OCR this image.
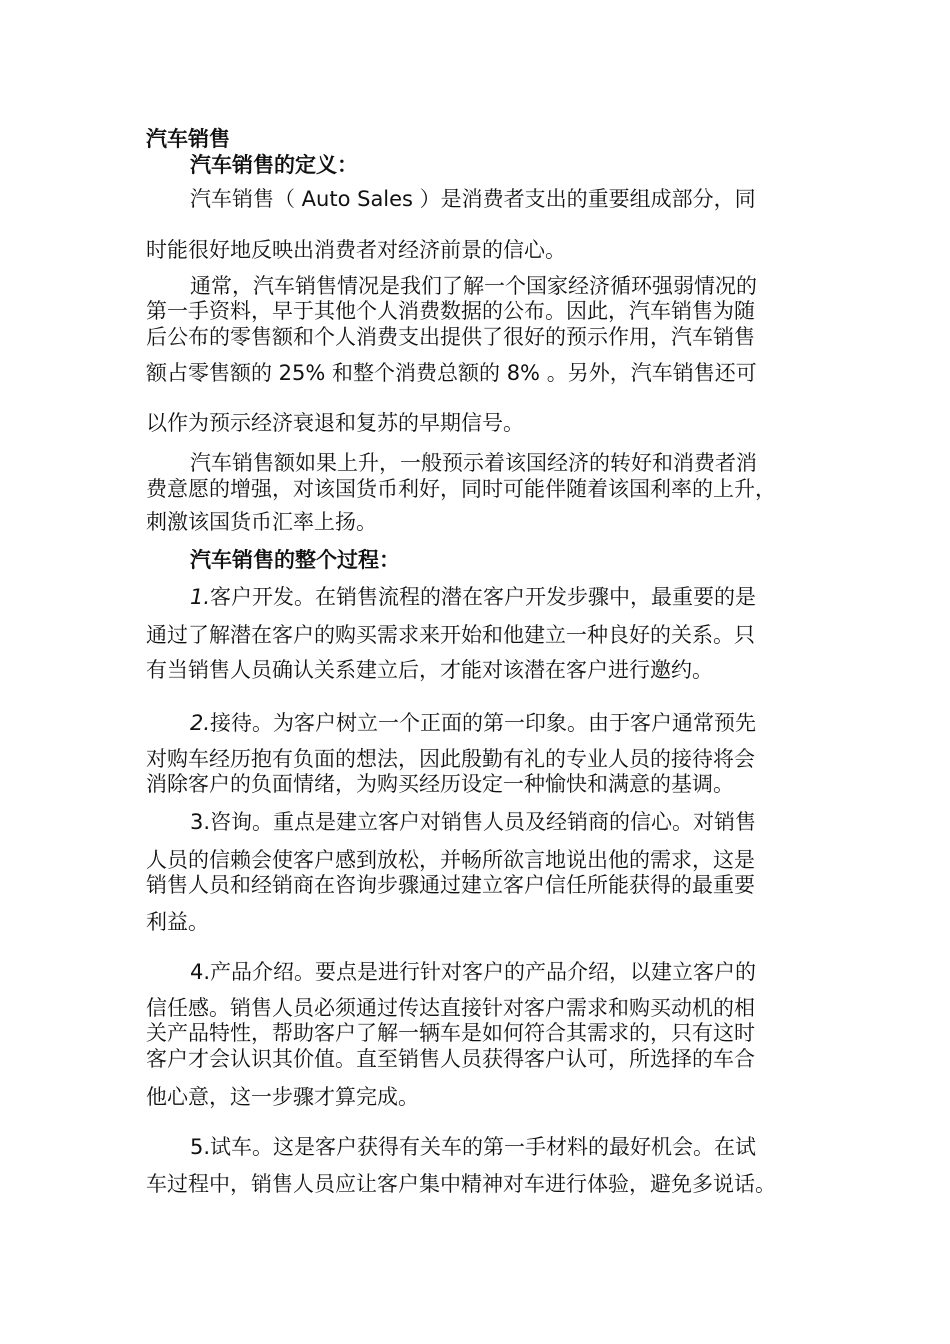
汽车销售

汽车销售的定义：

汽车销售（ Auto Sales ）是消费者支出的重要组成部分，同

时能很好地反映出消费者对经济前景的信心。

通常，汽车销售情况是我们了解一个国家经济循环强弱情况的

第一手资料，早于其他个人消费数据的公布。因此，汽车销售为随

后公布的零售额和个人消费支出提供了很好的预示作用，汽车销售

额占零售额的 25% 和整个消费总额的 8% 。另外，汽车销售还可

以作为预示经济衰退和复苏的早期信号。

汽车销售额如果上升，一般预示着该国经济的转好和消费者消

费意愿的增强，对该国货币利好，同时可能伴随着该国利率的上升，

刺激该国货币汇率上扬。

汽车销售的整个过程：

1.客户开发。在销售流程的潜在客户开发步骤中，最重要的是

通过了解潜在客户的购买需求来开始和他建立一种良好的关系。只

有当销售人员确认关系建立后，才能对该潜在客户进行邀约。

2.接待。为客户树立一个正面的第一印象。由于客户通常预先

对购车经历抱有负面的想法，因此殷勤有礼的专业人员的接待将会

消除客户的负面情绪，为购买经历设定一种愉快和满意的基调。

3.咨询。重点是建立客户对销售人员及经销商的信心。对销售

人员的信赖会使客户感到放松，并畅所欲言地说出他的需求，这是

销售人员和经销商在咨询步骤通过建立客户信任所能获得的最重要

利益。

4.产品介绍。要点是进行针对客户的产品介绍，以建立客户的

信任感。销售人员必须通过传达直接针对客户需求和购买动机的相

关产品特性，帮助客户了解一辆车是如何符合其需求的，只有这时

客户才会认识其价值。直至销售人员获得客户认可，所选择的车合

他心意，这一步骤才算完成。

5.试车。这是客户获得有关车的第一手材料的最好机会。在试

车过程中，销售人员应让客户集中精神对车进行体验，避免多说话。
